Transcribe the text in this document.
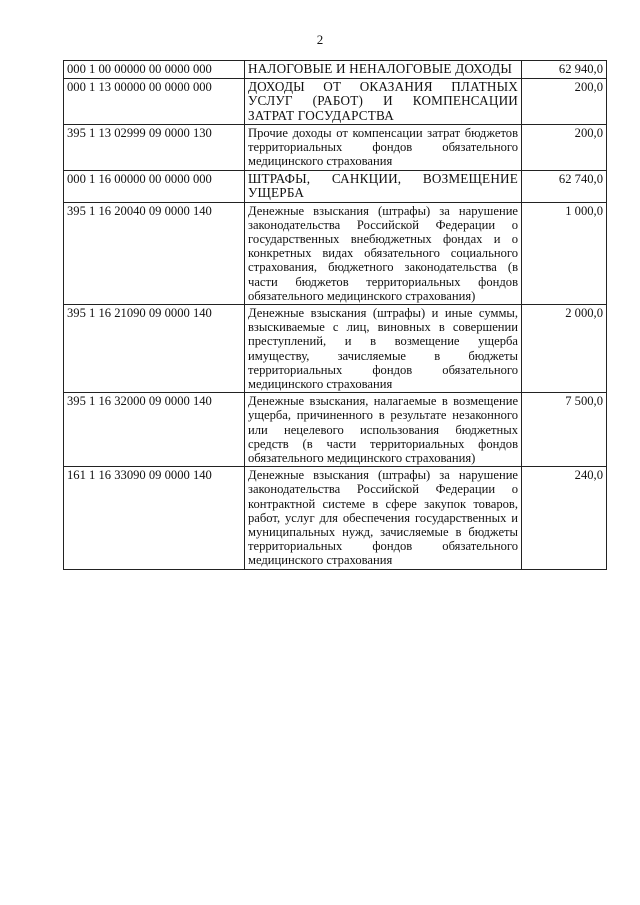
2
000 1 00 00000 00 0000 000	НАЛОГОВЫЕ И НЕНАЛОГОВЫЕ ДОХОДЫ	62 940,0
000 1 13 00000 00 0000 000	ДОХОДЫ ОТ ОКАЗАНИЯ ПЛАТНЫХ УСЛУГ (РАБОТ) И КОМПЕНСАЦИИ ЗАТРАТ ГОСУДАРСТВА	200,0
395 1 13 02999 09 0000 130	Прочие доходы от компенсации затрат бюджетов территориальных фондов обязательного медицинского страхования	200,0
000 1 16 00000 00 0000 000	ШТРАФЫ, САНКЦИИ, ВОЗМЕЩЕНИЕ УЩЕРБА	62 740,0
395 1 16 20040 09 0000 140	Денежные взыскания (штрафы) за нарушение законодательства Российской Федерации о государственных внебюджетных фондах и о конкретных видах обязательного социального страхования, бюджетного законодательства (в части бюджетов территориальных фондов обязательного медицинского страхования)	1 000,0
395 1 16 21090 09 0000 140	Денежные взыскания (штрафы) и иные суммы, взыскиваемые с лиц, виновных в совершении преступлений, и в возмещение ущерба имуществу, зачисляемые в бюджеты территориальных фондов обязательного медицинского страхования	2 000,0
395 1 16 32000 09 0000 140	Денежные взыскания, налагаемые в возмещение ущерба, причиненного в результате незаконного или нецелевого использования бюджетных средств (в части территориальных фондов обязательного медицинского страхования)	7 500,0
161 1 16 33090 09 0000 140	Денежные взыскания (штрафы) за нарушение законодательства Российской Федерации о контрактной системе в сфере закупок товаров, работ, услуг для обеспечения государственных и муниципальных нужд, зачисляемые в бюджеты территориальных фондов обязательного медицинского страхования	240,0
